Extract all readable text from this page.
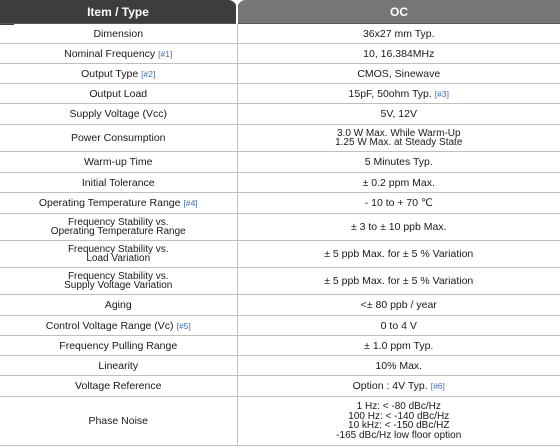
Item / Type	OC
Dimension	36x27 mm Typ.
Nominal Frequency [#1]	10, 16.384MHz
Output Type [#2]	CMOS, Sinewave
Output Load	15pF, 50ohm Typ. [#3]
Supply Voltage (Vcc)	5V, 12V
Power Consumption	3.0 W Max. While Warm-Up
1.25 W Max. at Steady State

Warm-up Time	5 Minutes Typ.
Initial Tolerance	± 0.2 ppm Max.
Operating Temperature Range [#4]	- 10 to + 70 ℃

Frequency Stability vs.
Operating Temperature Range	± 3 to ± 10 ppb Max.

Frequency Stability vs.
Load Variation	± 5 ppb Max. for ± 5 % Variation

Frequency Stability vs.
Supply Voltage Variation	± 5 ppb Max. for ± 5 % Variation
Aging	<± 80 ppb / year
Control Voltage Range (Vc) [#5]	0 to 4 V
Frequency Pulling Range	± 1.0 ppm Typ.
Linearity	10% Max.
Voltage Reference	Option : 4V Typ. [#6]
Phase Noise	1 Hz: < -80 dBc/Hz
100 Hz: < -140 dBc/Hz
10 kHz: < -150 dBc/HZ
-165 dBc/Hz low floor option
